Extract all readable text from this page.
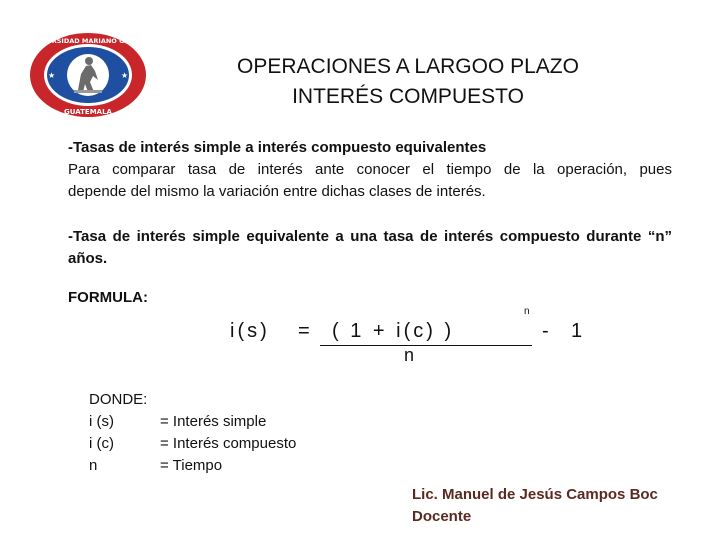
★	★
UNIVERSIDAD MARIANO GALVEZ
GUATEMALA
OPERACIONES A LARGOO PLAZO
INTERÉS COMPUESTO
-Tasas de interés simple a interés compuesto equivalentes
Para comparar tasa de interés ante conocer el tiempo de la operación, pues
depende del mismo la variación entre dichas clases de interés.
-Tasa de interés simple equivalente a una tasa de interés compuesto durante “n”
años.
FORMULA:
i(s) = ( 1 + i(c) )
n
- 1
n
DONDE:
i (s)	= Interés simple
i (c)	= Interés compuesto
n	= Tiempo
Lic. Manuel de Jesús Campos Boc
Docente
